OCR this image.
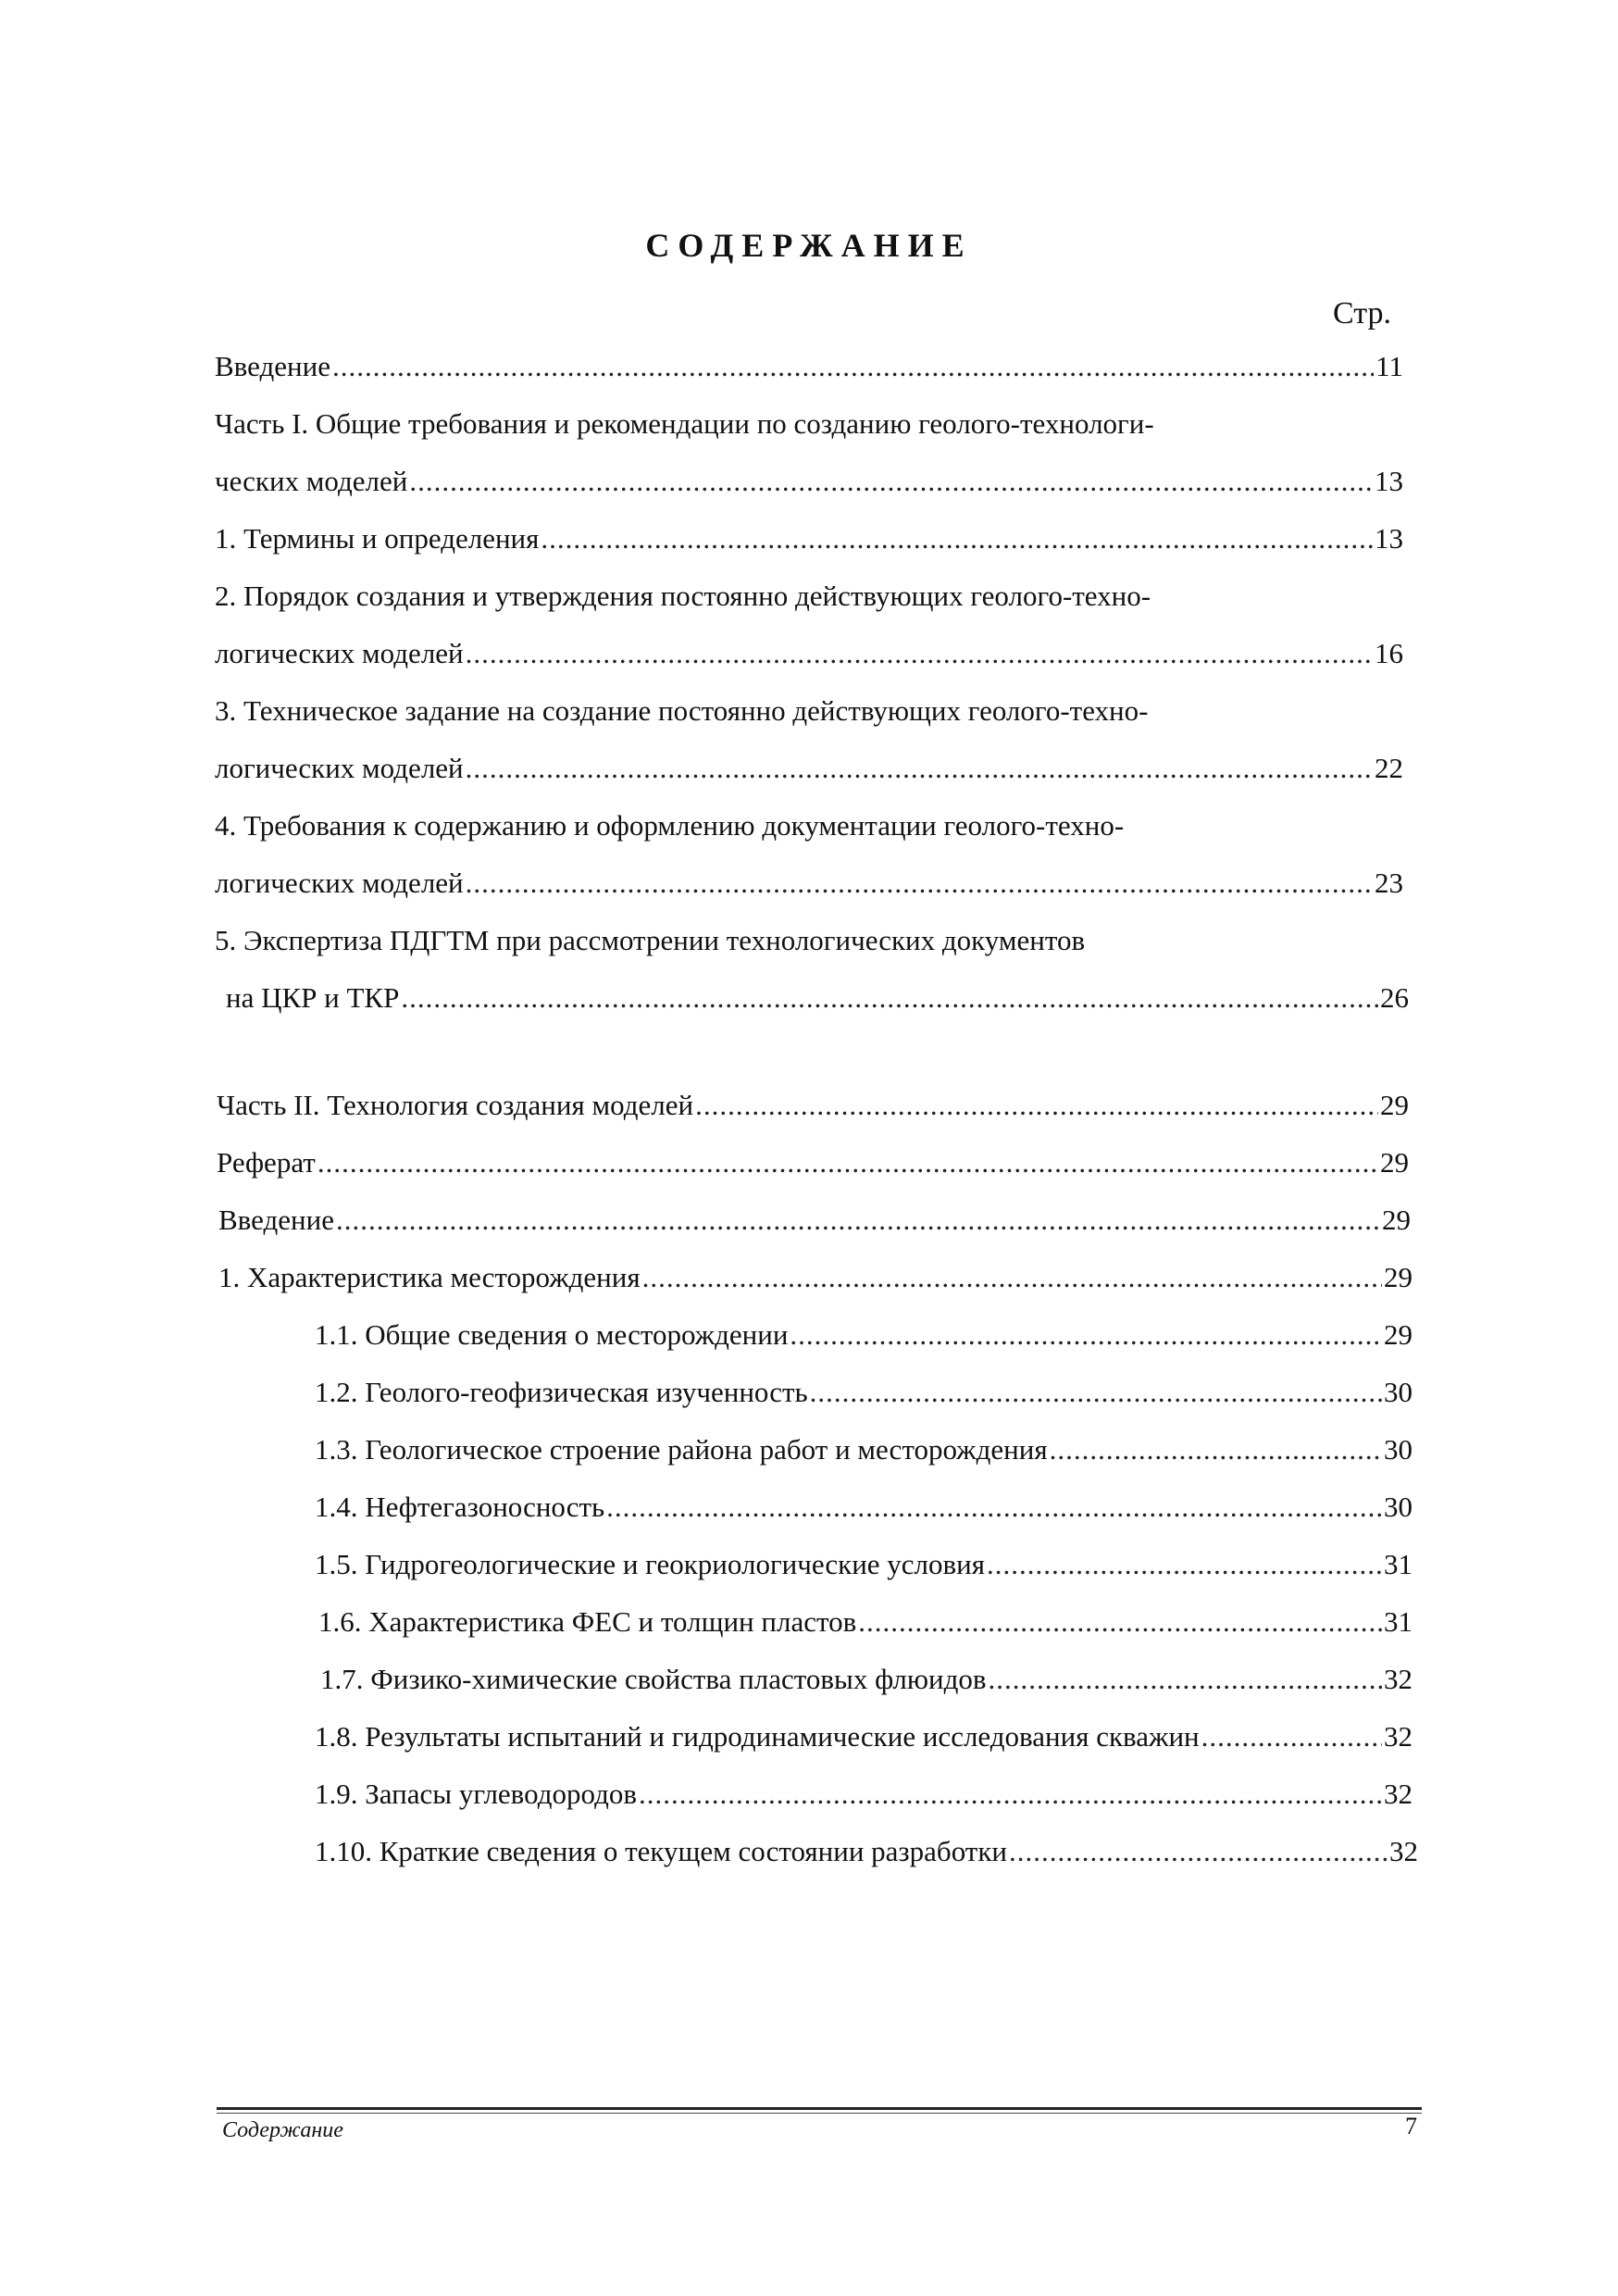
СОДЕРЖАНИЕ
Стр.
Введение .....	11
Часть I. Общие требования и рекомендации по созданию геолого-технологи-
ческих моделей .....	13
1. Термины и определения .....	13
2. Порядок создания и утверждения постоянно действующих геолого-техно-
логических моделей .....	16
3. Техническое задание на создание постоянно действующих геолого-техно-
логических моделей .....	22
4. Требования к содержанию и оформлению документации геолого-техно-
логических моделей .....	23
5. Экспертиза ПДГТМ при рассмотрении технологических документов
на ЦКР и ТКР .....	26
Часть II. Технология создания моделей .....	29
Реферат .....	29
Введение .....	29
1. Характеристика месторождения .....	29
1.1. Общие сведения о месторождении .....	29
1.2. Геолого-геофизическая изученность .....	30
1.3. Геологическое строение района работ и месторождения .....	30
1.4. Нефтегазоносность .....	30
1.5. Гидрогеологические и геокриологические условия .....	31
1.6. Характеристика ФЕС и толщин пластов .....	31
1.7. Физико-химические свойства пластовых флюидов .....	32
1.8. Результаты испытаний и гидродинамические исследования скважин .....	32
1.9. Запасы углеводородов .....	32
1.10. Краткие сведения о текущем состоянии разработки .....	32
Содержание	7
